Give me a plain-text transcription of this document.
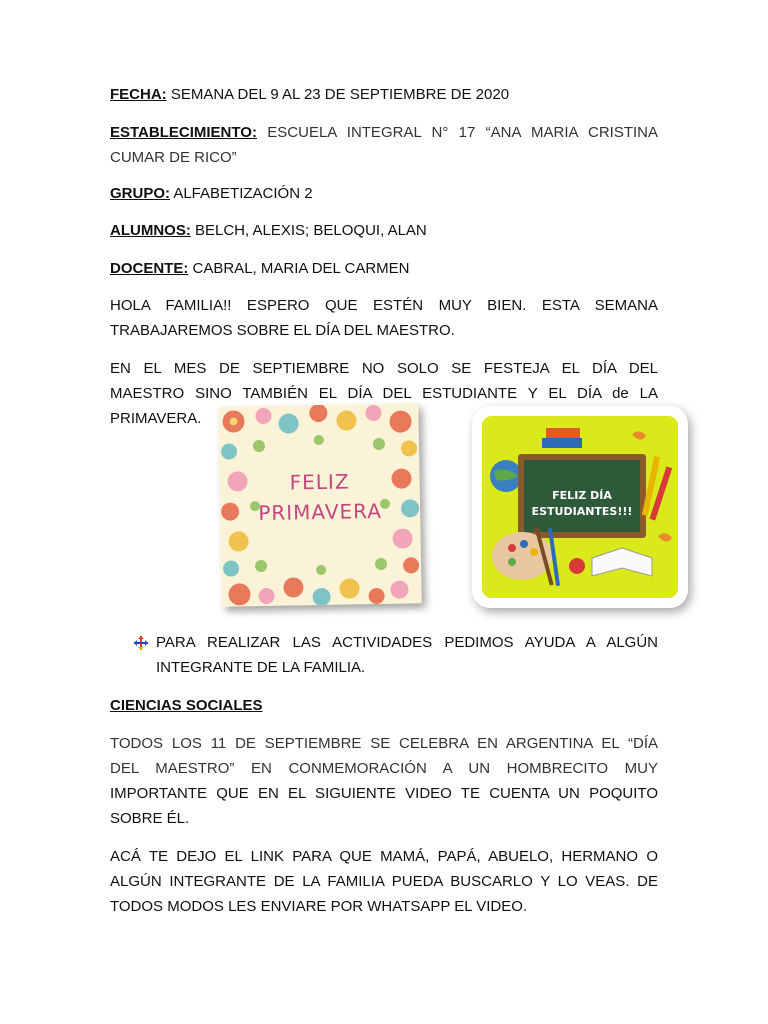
FECHA: SEMANA DEL 9 AL 23 DE SEPTIEMBRE DE 2020
ESTABLECIMIENTO: ESCUELA INTEGRAL N° 17 “ANA MARIA CRISTINA
CUMAR DE RICO”
GRUPO: ALFABETIZACIÓN 2
ALUMNOS: BELCH, ALEXIS; BELOQUI, ALAN
DOCENTE: CABRAL, MARIA DEL CARMEN
HOLA FAMILIA!! ESPERO QUE ESTÉN MUY BIEN. ESTA SEMANA
TRABAJAREMOS SOBRE EL DÍA DEL MAESTRO.
EN EL MES DE SEPTIEMBRE NO SOLO SE FESTEJA EL DÍA DEL
MAESTRO SINO TAMBIÉN EL DÍA DEL ESTUDIANTE Y EL DÍA de LA
PRIMAVERA.
PARA REALIZAR LAS ACTIVIDADES PEDIMOS AYUDA A ALGÚN
INTEGRANTE DE LA FAMILIA.
CIENCIAS SOCIALES
TODOS LOS 11 DE SEPTIEMBRE SE CELEBRA EN ARGENTINA EL “DÍA
DEL MAESTRO” EN CONMEMORACIÓN A UN HOMBRECITO MUY
IMPORTANTE QUE EN EL SIGUIENTE VIDEO TE CUENTA UN POQUITO
SOBRE ÉL.
ACÁ TE DEJO EL LINK PARA QUE MAMÁ, PAPÁ, ABUELO, HERMANO O
ALGÚN INTEGRANTE DE LA FAMILIA PUEDA BUSCARLO Y LO VEAS. DE
TODOS MODOS LES ENVIARE POR WHATSAPP EL VIDEO.
FELIZ
PRIMAVERA
FELIZ DÍA
ESTUDIANTES!!!
